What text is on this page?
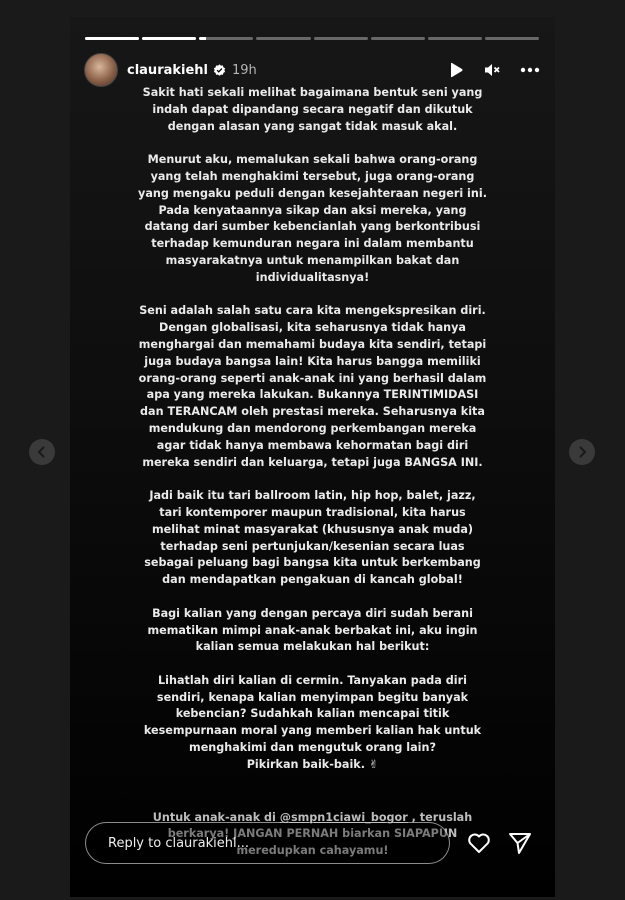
claurakiehl 19h

Sakit hati sekali melihat bagaimana bentuk seni yang
indah dapat dipandang secara negatif dan dikutuk
dengan alasan yang sangat tidak masuk akal.

Menurut aku, memalukan sekali bahwa orang-orang
yang telah menghakimi tersebut, juga orang-orang
yang mengaku peduli dengan kesejahteraan negeri ini.
Pada kenyataannya sikap dan aksi mereka, yang
datang dari sumber kebencianlah yang berkontribusi
terhadap kemunduran negara ini dalam membantu
masyarakatnya untuk menampilkan bakat dan
individualitasnya!

Seni adalah salah satu cara kita mengekspresikan diri.
Dengan globalisasi, kita seharusnya tidak hanya
menghargai dan memahami budaya kita sendiri, tetapi
juga budaya bangsa lain! Kita harus bangga memiliki
orang-orang seperti anak-anak ini yang berhasil dalam
apa yang mereka lakukan. Bukannya TERINTIMIDASI
dan TERANCAM oleh prestasi mereka. Seharusnya kita
mendukung dan mendorong perkembangan mereka
agar tidak hanya membawa kehormatan bagi diri
mereka sendiri dan keluarga, tetapi juga BANGSA INI.

Jadi baik itu tari ballroom latin, hip hop, balet, jazz,
tari kontemporer maupun tradisional, kita harus
melihat minat masyarakat (khususnya anak muda)
terhadap seni pertunjukan/kesenian secara luas
sebagai peluang bagi bangsa kita untuk berkembang
dan mendapatkan pengakuan di kancah global!

Bagi kalian yang dengan percaya diri sudah berani
mematikan mimpi anak-anak berbakat ini, aku ingin
kalian semua melakukan hal berikut:

Lihatlah diri kalian di cermin. Tanyakan pada diri
sendiri, kenapa kalian menyimpan begitu banyak
kebencian? Sudahkah kalian mencapai titik
kesempurnaan moral yang memberi kalian hak untuk
menghakimi dan mengutuk orang lain?
Pikirkan baik-baik. ✌

Untuk anak-anak di @smpn1ciawi_bogor , teruslah
berkarya! JANGAN PERNAH biarkan SIAPAPUN
meredupkan cahayamu!

Reply to claurakiehl...
